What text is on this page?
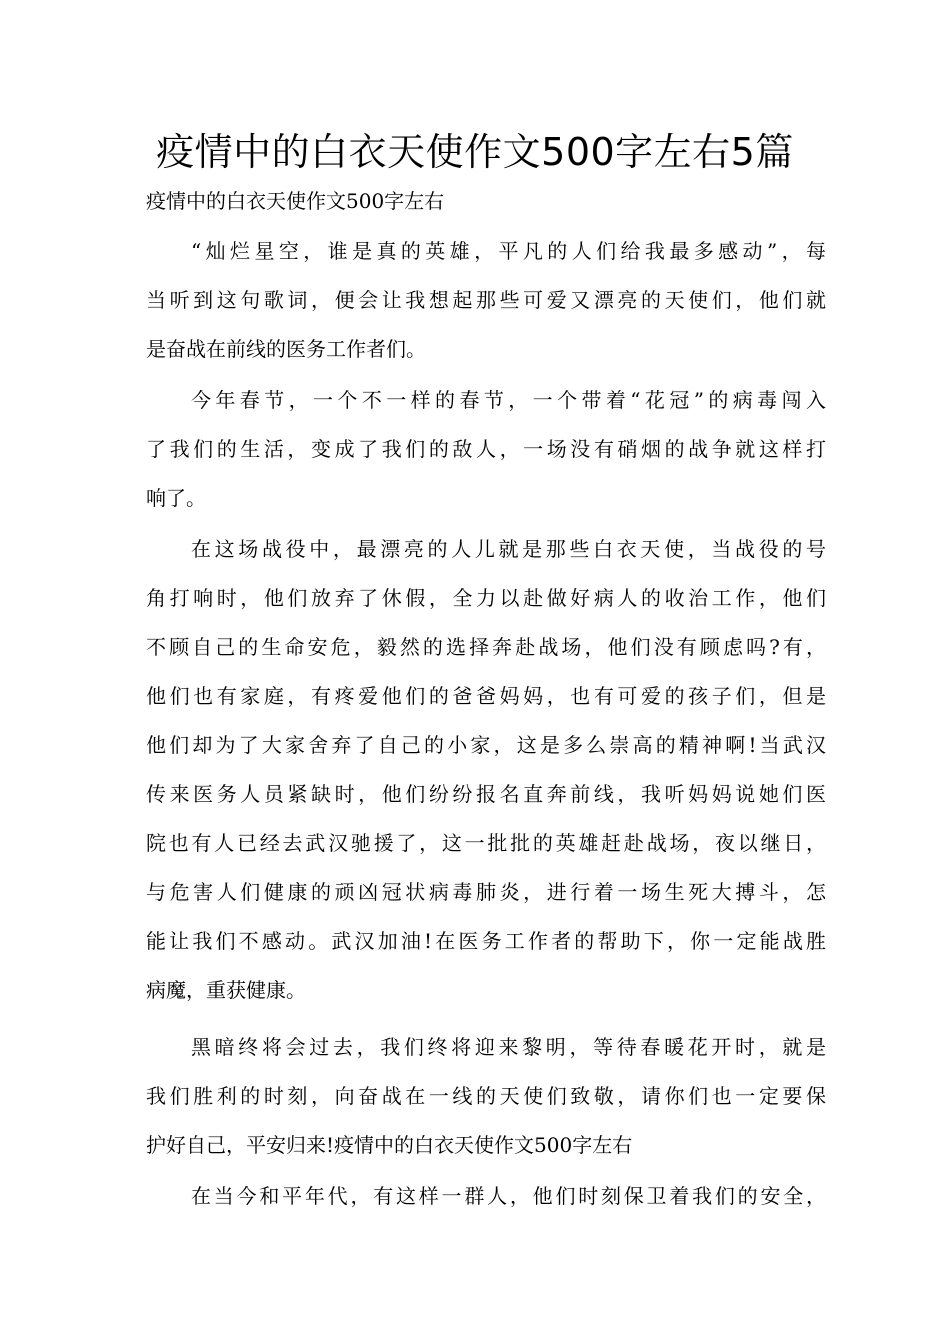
疫情中的白衣天使作文500字左右5篇

疫情中的白衣天使作文500字左右

“灿烂星空，谁是真的英雄，平凡的人们给我最多感动”，每
当听到这句歌词，便会让我想起那些可爱又漂亮的天使们，他们就
是奋战在前线的医务工作者们。
今年春节，一个不一样的春节，一个带着“花冠”的病毒闯入
了我们的生活，变成了我们的敌人，一场没有硝烟的战争就这样打
响了。
在这场战役中，最漂亮的人儿就是那些白衣天使，当战役的号
角打响时，他们放弃了休假，全力以赴做好病人的收治工作，他们
不顾自己的生命安危，毅然的选择奔赴战场，他们没有顾虑吗?有，
他们也有家庭，有疼爱他们的爸爸妈妈，也有可爱的孩子们，但是
他们却为了大家舍弃了自己的小家，这是多么崇高的精神啊!当武汉
传来医务人员紧缺时，他们纷纷报名直奔前线，我听妈妈说她们医
院也有人已经去武汉驰援了，这一批批的英雄赶赴战场，夜以继日，
与危害人们健康的顽凶冠状病毒肺炎，进行着一场生死大搏斗，怎
能让我们不感动。武汉加油!在医务工作者的帮助下，你一定能战胜
病魔，重获健康。
黑暗终将会过去，我们终将迎来黎明，等待春暖花开时，就是
我们胜利的时刻，向奋战在一线的天使们致敬，请你们也一定要保
护好自己，平安归来!疫情中的白衣天使作文500字左右
在当今和平年代，有这样一群人，他们时刻保卫着我们的安全，
